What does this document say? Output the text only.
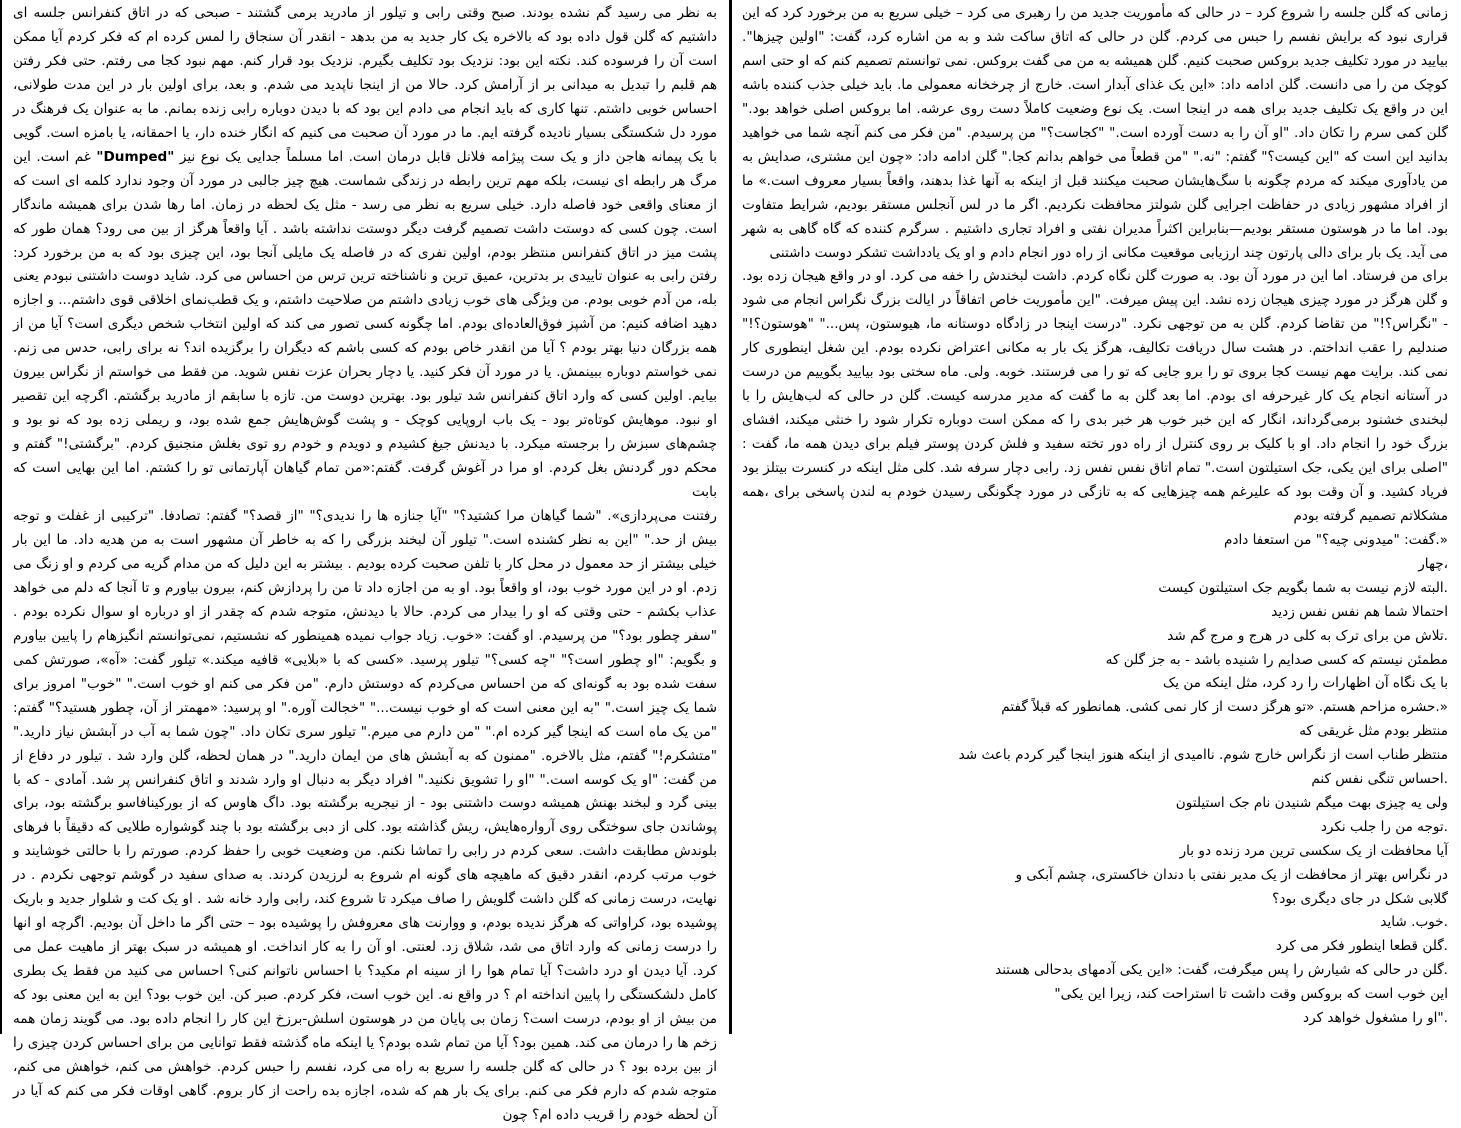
به نظر می رسید گم نشده بودند. صبح وقتی رابی و تیلور از مادرید برمی گشتند - صبحی که در اتاق کنفرانس جلسه ای داشتیم که گلن قول داده بود که بالاخره یک کار جدید به من بدهد - انقدر آن سنجاق را لمس کرده ام که فکر کردم آیا ممکن است آن را فرسوده کند. نکته این بود: نزدیک بود تکلیف بگیرم. نزدیک بود قرار کنم. مهم نبود کجا می رفتم. حتی فکر رفتن هم قلبم را تبدیل به میدانی بر از آرامش کرد. حالا من از اینجا ناپدید می شدم. و بعد، برای اولین بار در این مدت طولانی، احساس خوبی داشتم. تنها کاری که باید انجام می دادم این بود که با دیدن دوباره رابی زنده بمانم. ما به عنوان یک فرهنگ در مورد دل شکستگی بسیار نادیده گرفته ایم. ما در مورد آن صحبت می کنیم که انگار خنده دار، یا احمقانه، یا بامزه است. گویی با یک پیمانه هاجن داز و یک ست پیژامه فلانل قابل درمان است. اما مسلماً جدایی یک نوع نیز "Dumped" غم است. این مرگ هر رابطه ای نیست، بلکه مهم ترین رابطه در زندگی شماست. هیچ چیز جالبی در مورد آن وجود ندارد کلمه ای است که از معنای واقعی خود فاصله دارد. خیلی سریع به نظر می رسد - مثل یک لحظه در زمان. اما رها شدن برای همیشه ماندگار است. چون کسی که دوستت داشت تصمیم گرفت دیگر دوستت نداشته باشد . آیا واقعاً هرگز از بین می رود؟ همان طور که پشت میز در اتاق کنفرانس منتظر بودم، اولین نفری که در فاصله یک مایلی آنجا بود، این چیزی بود که به من برخورد کرد: رفتن رابی به عنوان تاییدی بر بدترین، عمیق ترین و ناشناخته ترین ترس من احساس می کرد. شاید دوست داشتنی نبودم یعنی بله، من آدم خوبی بودم. من ویژگی های خوب زیادی داشتم من صلاحیت داشتم، و یک قطب‌نمای اخلاقی قوی داشتم... و اجازه دهید اضافه کنیم: من آشپز فوق‌العاده‌ای بودم. اما چگونه کسی تصور می کند که اولین انتخاب شخص دیگری است؟ آیا من از همه بزرگان دنیا بهتر بودم ؟ آیا من انقدر خاص بودم که کسی باشم که دیگران را برگزیده اند؟ نه برای رابی، حدس می زنم. نمی خواستم دوباره ببینمش. یا در مورد آن فکر کنید. یا دچار بحران عزت نفس شوید. من فقط می خواستم از نگراس بیرون بیایم. اولین کسی که وارد اتاق کنفرانس شد تیلور بود. بهترین دوست من. تازه با سابقم از مادرید برگشتم. اگرچه این تقصیر او نبود. موهایش کوتاه‌تر بود - یک باب اروپایی کوچک - و پشت گوش‌هایش جمع شده بود، و ریملی زده بود که نو بود و چشم‌های سبزش را برجسته میکرد. با دیدنش جیغ کشیدم و دویدم و خودم رو توی بغلش منجنیق کردم. "برگشتی!" گفتم و محکم دور گردنش بغل کردم. او مرا در آغوش گرفت. گفتم:«من تمام گیاهان آپارتمانی تو را کشتم. اما این بهایی است که بابت

رفتنت می‌پردازی». "شما گیاهان مرا کشتید؟" "آیا جنازه ها را ندیدی؟" "از قصد؟" گفتم: تصادفا. "ترکیبی از غفلت و توجه بیش از حد." "این به نظر کشنده است." تیلور آن لبخند بزرگی را که به خاطر آن مشهور است به من هدیه داد. ما این بار خیلی بیشتر از حد معمول در محل کار با تلفن صحبت کرده بودیم . بیشتر به این دلیل که من مدام گریه می کردم و او زنگ می زدم. او در این مورد خوب بود، او واقعاً بود. او به من اجازه داد تا من را پردازش کنم، بیرون بیاورم و تا آنجا که دلم می خواهد عذاب بکشم - حتی وقتی که او را بیدار می کردم. حالا با دیدنش، متوجه شدم که چقدر از او درباره او سوال نکرده بودم . "سفر چطور بود؟" من پرسیدم. او گفت: «خوب. زیاد جواب نمیده همینطور که نشستیم، نمی‌توانستم انگیزهام را پایین بیاورم و بگویم: "او چطور است؟" "چه کسی؟" تیلور پرسید. «کسی که با «بلایی» قافیه میکند.» تیلور گفت: «آه»، صورتش کمی سفت شده بود به گونه‌ای که من احساس می‌کردم که دوستش دارم. "من فکر می کنم او خوب است." "خوب" امروز برای شما یک چیز است." "به این معنی است که او خوب نیست..." "خجالت آوره." او پرسید: «مهمتر از آن، چطور هستید؟" گفتم: "من یک ماه است که اینجا گیر کرده ام." "من دارم می میرم." تیلور سری تکان داد. "چون شما به آب در آبشش نیاز دارید." "متشکرم!" گفتم، مثل بالاخره. "ممنون که به آبشش های من ایمان دارید." در همان لحظه، گلن وارد شد . تیلور در دفاع از من گفت: "او یک کوسه است." "او را تشویق نکنید." افراد دیگر به دنبال او وارد شدند و اتاق کنفرانس پر شد. آمادی - که با بینی گرد و لبخند بهنش همیشه دوست داشتنی بود - از نیجریه برگشته بود. داگ هاوس که از بورکینافاسو برگشته بود، برای پوشاندن جای سوختگی روی آرواره‌هایش، ریش گذاشته بود. کلی از دبی برگشته بود با چند گوشواره طلایی که دقیقاً با فرهای بلوندش مطابقت داشت. سعی کردم در رابی را تماشا نکنم. من وضعیت خوبی را حفظ کردم. صورتم را با حالتی خوشایند و خوب مرتب کردم، انقدر دقیق که ماهیچه های گونه ام شروع به لرزیدن کردند. به صدای سفید در گوشم توجهی نکردم . در نهایت، درست زمانی که گلن داشت گلویش را صاف میکرد تا شروع کند، رابی وارد خانه شد . او یک کت و شلوار جدید و باریک پوشیده بود، کراواتی که هرگز ندیده بودم، و ووارنت های معروفش را پوشیده بود – حتی اگر ما داخل آن بودیم. اگرچه او انها را درست زمانی که وارد اتاق می شد، شلاق زد. لعنتی. او آن را به کار انداخت. او همیشه در سبک بهتر از ماهیت عمل می کرد. آیا دیدن او درد داشت؟ آیا تمام هوا را از سینه ام مکید؟ با احساس ناتوانم کنی؟ احساس می کنید من فقط یک بطری کامل دلشکستگی را پایین انداخته ام ؟ در واقع نه. این خوب است، فکر کردم. صبر کن. این خوب بود؟ این به این معنی بود که من بیش از او بودم، درست است؟ زمان بی پایان من در هوستون اسلش-برزخ این کار را انجام داده بود. می گویند زمان همه زخم ها را درمان می کند. همین بود؟ آیا من تمام شده بودم؟ یا اینکه ماه گذشته فقط توانایی من برای احساس کردن چیزی را از بین برده بود ؟ در حالی که گلن جلسه را سریع به راه می کرد، نفسم را حبس کردم. خواهش می کنم، خواهش می کنم، متوجه شدم که دارم فکر می کنم. برای یک بار هم که شده، اجازه بده راحت از کار بروم. گاهی اوقات فکر می کنم که آیا در آن لحظه خودم را قریب داده ام؟ چون

زمانی که گلن جلسه را شروع کرد – در حالی که مأموریت جدید من را رهبری می کرد – خیلی سریع به من برخورد کرد که این قراری نبود که برایش نفسم را حبس می کردم. گلن در حالی که اتاق ساکت شد و به من اشاره کرد، گفت: "اولین چیزها". بیایید در مورد تکلیف جدید بروکس صحبت کنیم. گلن همیشه به من می گفت بروکس. نمی توانستم تصمیم کنم که او حتی اسم کوچک من را می دانست. گلن ادامه داد: «این یک غذای آبدار است. خارج از چرخخانه معمولی ما. باید خیلی جذب کننده باشه این در واقع یک تکلیف جدید برای همه در اینجا است. یک نوع وضعیت کاملاً دست روی عرشه. اما بروکس اصلی خواهد بود." گلن کمی سرم را تکان داد. "او آن را به دست آورده است." "کجاست؟" من پرسیدم. "من فکر می کنم آنچه شما می خواهید بدانید این است که "این کیست؟" گفتم: "نه." "من قطعاً می خواهم بدانم کجا." گلن ادامه داد: «چون این مشتری، صدایش به من یادآوری میکند که مردم چگونه با سگ‌هایشان صحبت میکنند قبل از اینکه به آنها غذا بدهند، واقعاً بسیار معروف است.» ما از افراد مشهور زیادی در حفاظت اجرایی گلن شولتز محافظت نکردیم. اگر ما در لس آنجلس مستقر بودیم، شرایط متفاوت بود. اما ما در هوستون مستقر بودیم—بنابراین اکثراً مدیران نفتی و افراد تجاری داشتیم . سرگرم کننده که گاه گاهی به شهر می آید. یک بار برای دالی پارتون چند ارزیابی موقعیت مکانی از راه دور انجام دادم و او یک یادداشت تشکر دوست داشتنی

برای من فرستاد. اما این در مورد آن بود. به صورت گلن نگاه کردم. داشت لبخندش را خفه می کرد. او در واقع هیجان زده بود. و گلن هرگز در مورد چیزی هیجان زده نشد. این پیش میرفت. "این مأموریت خاص اتفاقاً در ایالت بزرگ نگراس انجام می شود - "نگراس؟!" من تقاضا کردم. گلن به من توجهی نکرد. "درست اینجا در زادگاه دوستانه ما، هیوستون، پس..." "هوستون؟!" صندلیم را عقب انداختم. در هشت سال دریافت تکالیف، هرگز یک بار به مکانی اعتراض نکرده بودم. این شغل اینطوری کار نمی کند. برایت مهم نیست کجا بروی تو را برو جایی که تو را می فرستند. خوبه. ولی. ماه سختی بود بیایید بگوییم من درست در آستانه انجام یک کار غیرحرفه ای بودم. اما بعد گلن به ما گفت که مدیر مدرسه کیست. گلن در حالی که لب‌هایش را با لبخندی خشنود برمی‌گرداند، انگار که این خبر خوب هر خبر بدی را که ممکن است دوباره تکرار شود را خنثی میکند، افشای بزرگ خود را انجام داد. او با کلیک بر روی کنترل از راه دور تخته سفید و فلش کردن پوستر فیلم برای دیدن همه ما، گفت : "اصلی برای این یکی، جک استیلتون است." تمام اتاق نفس نفس زد. رابی دچار سرفه شد. کلی مثل اینکه در کنسرت بیتلز بود فریاد کشید. و آن وقت بود که علیرغم همه چیزهایی که به تازگی در مورد چگونگی رسیدن خودم به لندن پاسخی برای ،همه مشکلاتم تصمیم گرفته بودم

«.گفت: "میدونی چیه؟" من استعفا دادم

،چهار

.البته لازم نیست به شما بگویم جک استیلتون کیست

احتمالا شما هم نفس نفس زدید

.تلاش من برای ترک به کلی در هرج و مرج گم شد

مطمئن نیستم که کسی صدایم را شنیده باشد - به جز گلن که

با یک نگاه آن اظهارات را رد کرد، مثل اینکه من یک

«.حشره مزاحم هستم. «تو هرگز دست از کار نمی کشی. همانطور که قبلاً گفتم

منتظر بودم مثل غریقی که

منتظر طناب است از نگراس خارج شوم. ناامیدی از اینکه هنوز اینجا گیر کردم باعث شد

.احساس تنگی نفس کنم

ولی یه چیزی بهت میگم شنیدن نام جک استیلتون

.توجه من را جلب نکرد

آیا محافظت از یک سکسی ترین مرد زنده دو بار

در نگراس بهتر از محافظت از یک مدیر نفتی با دندان خاکستری، چشم آبکی و

گلابی شکل در جای دیگری بود؟

.خوب. شاید

.گلن قطعا اینطور فکر می کرد

.گلن در حالی که شیارش را پس میگرفت، گفت: «این یکی آدمهای بدحالی هستند

این خوب است که بروکس وقت داشت تا استراحت کند، زیرا این یکی"

."او را مشغول خواهد کرد
